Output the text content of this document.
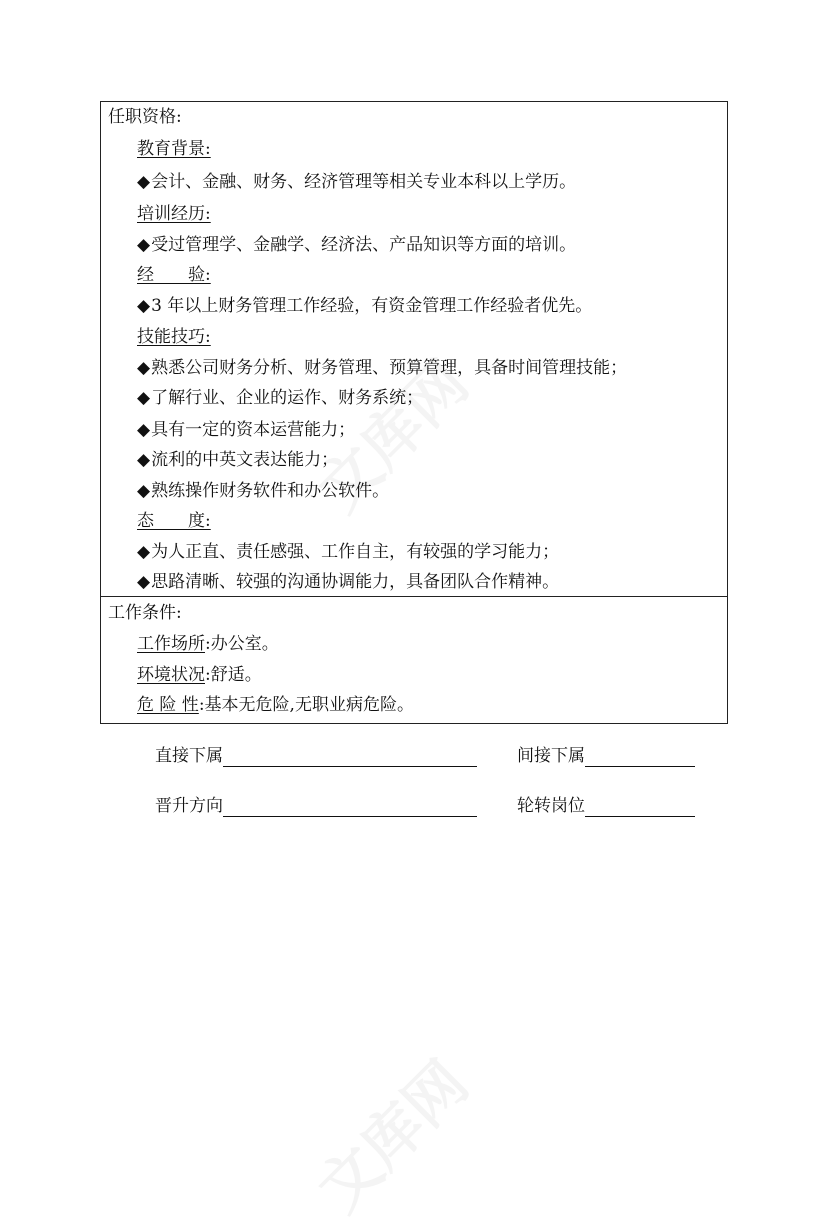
任职资格:
教育背景:
◆会计、金融、财务、经济管理等相关专业本科以上学历。
培训经历:
◆受过管理学、金融学、经济法、产品知识等方面的培训。
经　　验:
◆3 年以上财务管理工作经验，有资金管理工作经验者优先。
技能技巧:
◆熟悉公司财务分析、财务管理、预算管理，具备时间管理技能；
◆了解行业、企业的运作、财务系统；
◆具有一定的资本运营能力；
◆流利的中英文表达能力；
◆熟练操作财务软件和办公软件。
态　　度:
◆为人正直、责任感强、工作自主，有较强的学习能力；
◆思路清晰、较强的沟通协调能力，具备团队合作精神。
工作条件:
工作场所:办公室。
环境状况:舒适。
危 险 性:基本无危险,无职业病危险。
直接下属	间接下属
晋升方向	轮转岗位
